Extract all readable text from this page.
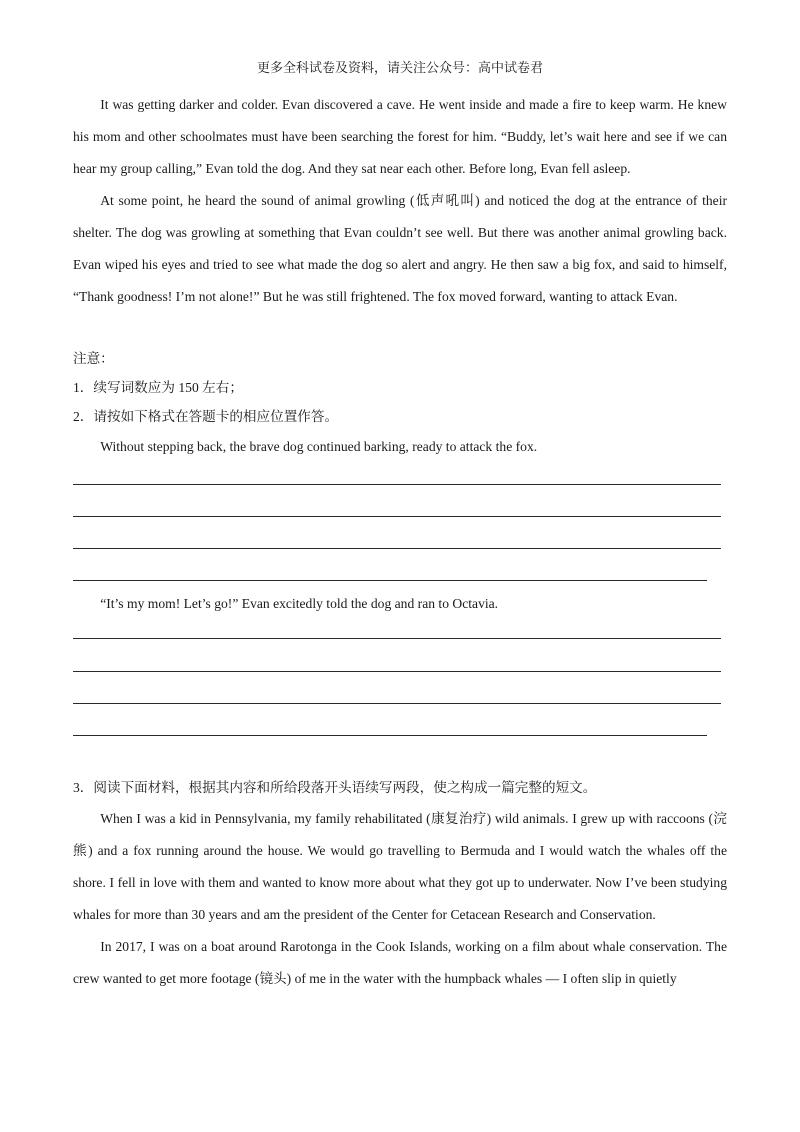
更多全科试卷及资料，请关注公众号：高中试卷君

It was getting darker and colder. Evan discovered a cave. He went inside and made a fire to keep warm. He knew his mom and other schoolmates must have been searching the forest for him. “Buddy, let’s wait here and see if we can hear my group calling,” Evan told the dog. And they sat near each other. Before long, Evan fell asleep.

At some point, he heard the sound of animal growling (低声吼叫) and noticed the dog at the entrance of their shelter. The dog was growling at something that Evan couldn’t see well. But there was another animal growling back. Evan wiped his eyes and tried to see what made the dog so alert and angry. He then saw a big fox, and said to himself, “Thank goodness! I’m not alone!” But he was still frightened. The fox moved forward, wanting to attack Evan.

注意：

1．续写词数应为 150 左右；

2．请按如下格式在答题卡的相应位置作答。

Without stepping back, the brave dog continued barking, ready to attack the fox.

“It’s my mom! Let’s go!” Evan excitedly told the dog and ran to Octavia.

3．阅读下面材料，根据其内容和所给段落开头语续写两段，使之构成一篇完整的短文。

When I was a kid in Pennsylvania, my family rehabilitated (康复治疗) wild animals. I grew up with raccoons (浣熊) and a fox running around the house. We would go travelling to Bermuda and I would watch the whales off the shore. I fell in love with them and wanted to know more about what they got up to underwater. Now I’ve been studying whales for more than 30 years and am the president of the Center for Cetacean Research and Conservation.

In 2017, I was on a boat around Rarotonga in the Cook Islands, working on a film about whale conservation. The crew wanted to get more footage (镜头) of me in the water with the humpback whales — I often slip in quietly
